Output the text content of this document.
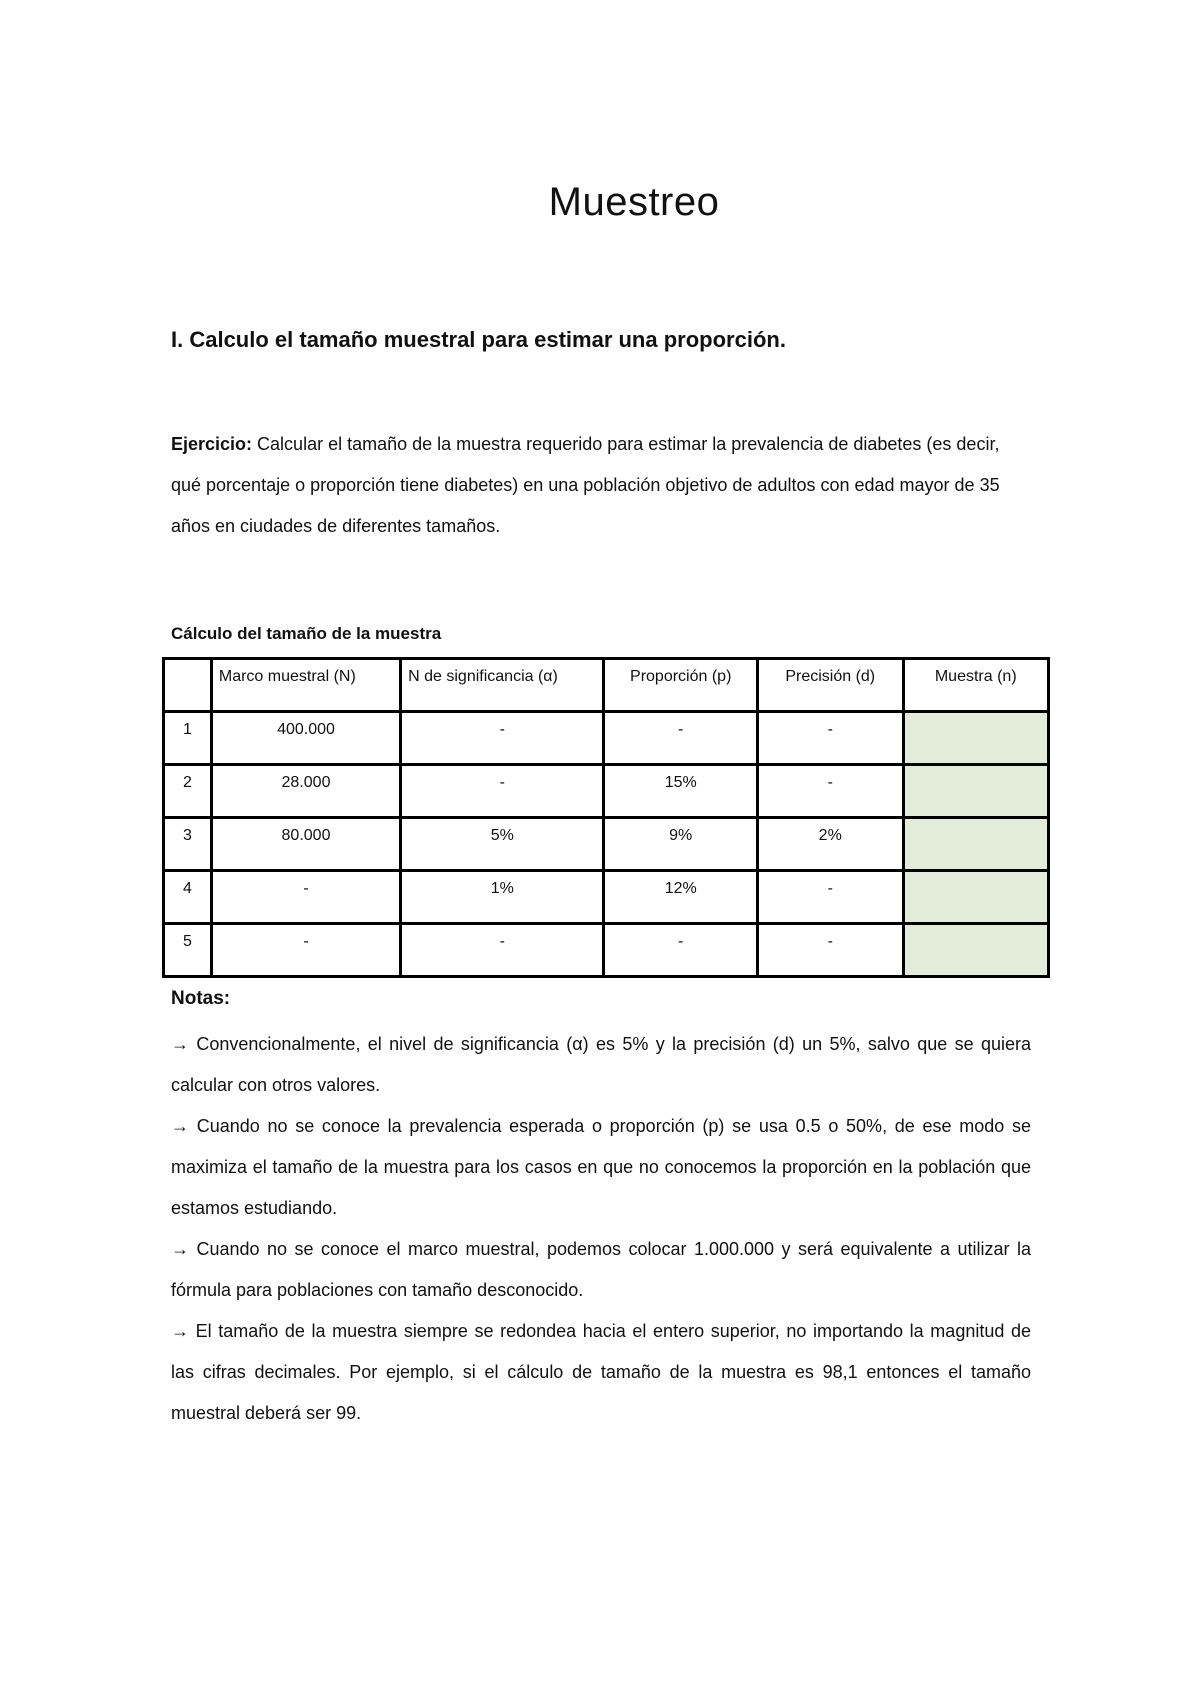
Muestreo
I. Calculo el tamaño muestral para estimar una proporción.
Ejercicio: Calcular el tamaño de la muestra requerido para estimar la prevalencia de diabetes (es decir, qué porcentaje o proporción tiene diabetes) en una población objetivo de adultos con edad mayor de 35 años en ciudades de diferentes tamaños.
Cálculo del tamaño de la muestra
	Marco muestral (N)	N de significancia (α)	Proporción (p)	Precisión (d)	Muestra (n)
1	400.000	-	-	-	
2	28.000	-	15%	-	
3	80.000	5%	9%	2%	
4	-	1%	12%	-	
5	-	-	-	-	
Notas:

→ Convencionalmente, el nivel de significancia (α) es 5% y la precisión (d) un 5%, salvo que se quiera calcular con otros valores.

→ Cuando no se conoce la prevalencia esperada o proporción (p) se usa 0.5 o 50%, de ese modo se maximiza el tamaño de la muestra para los casos en que no conocemos la proporción en la población que estamos estudiando.

→ Cuando no se conoce el marco muestral, podemos colocar 1.000.000 y será equivalente a utilizar la fórmula para poblaciones con tamaño desconocido.

→ El tamaño de la muestra siempre se redondea hacia el entero superior, no importando la magnitud de las cifras decimales. Por ejemplo, si el cálculo de tamaño de la muestra es 98,1 entonces el tamaño muestral deberá ser 99.
